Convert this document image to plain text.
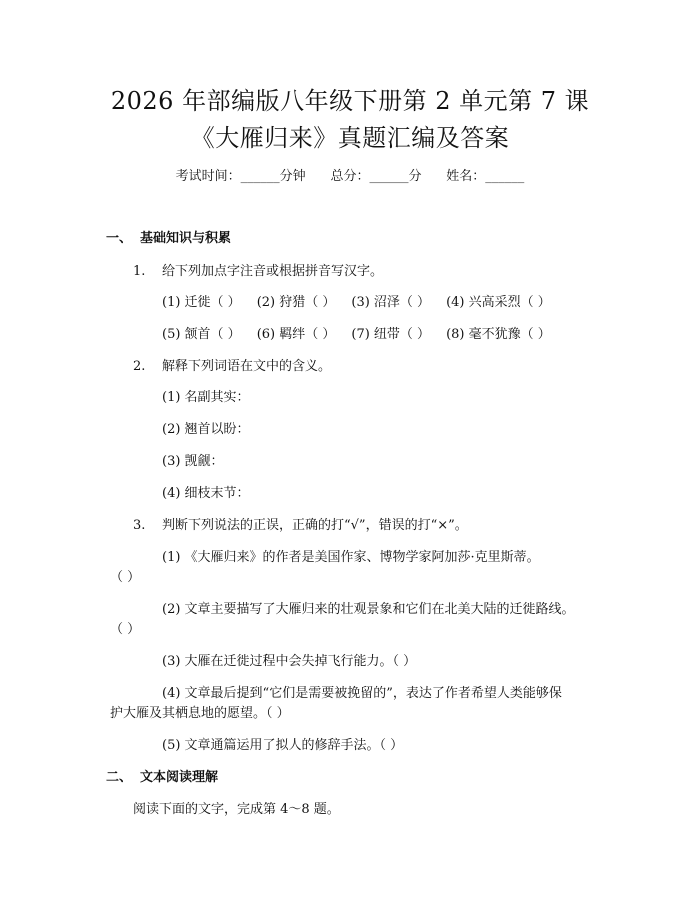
2026 年部编版八年级下册第 2 单元第 7 课
《大雁归来》真题汇编及答案
考试时间：______分钟 总分：______分 姓名：______
一、 基础知识与积累
1. 给下列加点字注音或根据拼音写汉字。
(1) 迁徙（ ） (2) 狩猎（ ） (3) 沼泽（ ） (4) 兴高采烈（ ）
(5) 颔首（ ） (6) 羁绊（ ） (7) 纽带（ ） (8) 毫不犹豫（ ）
2. 解释下列词语在文中的含义。
(1) 名副其实：
(2) 翘首以盼：
(3) 觊觎：
(4) 细枝末节：
3. 判断下列说法的正误，正确的打“√”，错误的打“×”。
(1) 《大雁归来》的作者是美国作家、博物学家阿加莎·克里斯蒂。
（ ）
(2) 文章主要描写了大雁归来的壮观景象和它们在北美大陆的迁徙路线。
（ ）
(3) 大雁在迁徙过程中会失掉飞行能力。（ ）
(4) 文章最后提到“它们是需要被挽留的”，表达了作者希望人类能够保
护大雁及其栖息地的愿望。（ ）
(5) 文章通篇运用了拟人的修辞手法。（ ）
二、 文本阅读理解
阅读下面的文字，完成第 4～8 题。
